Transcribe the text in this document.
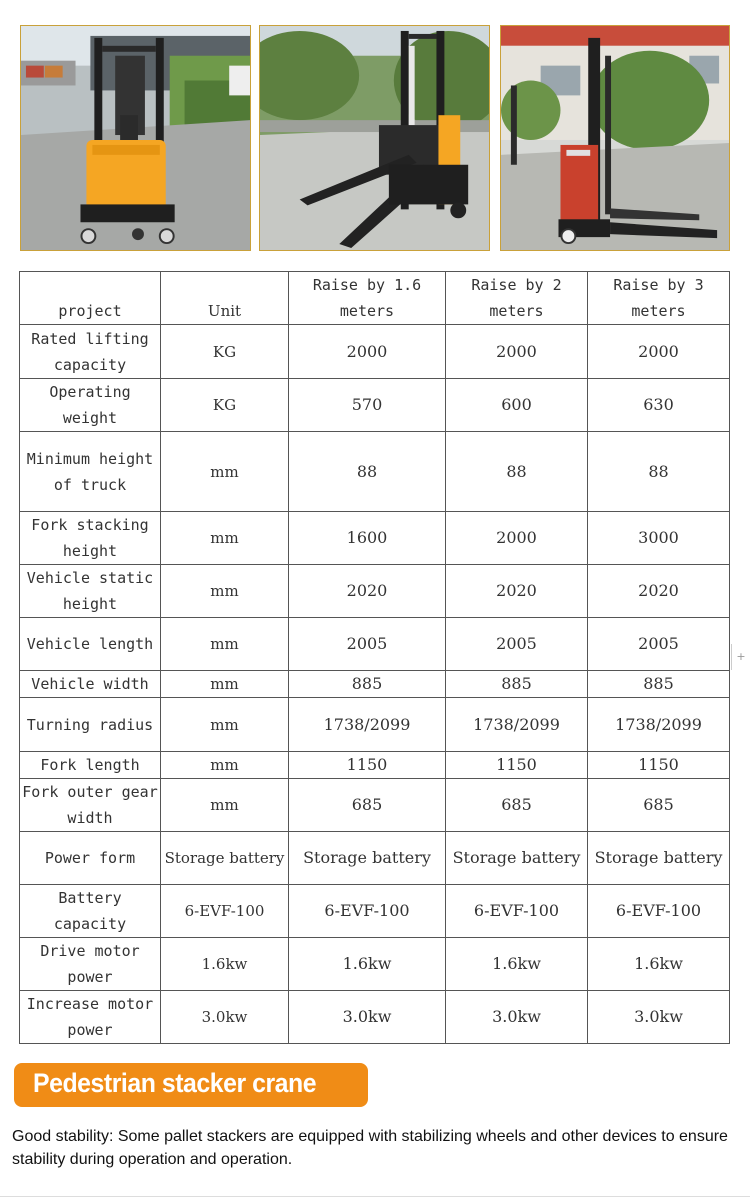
project	Unit	Raise by 1.6 meters	Raise by 2 meters	Raise by 3 meters
Rated lifting capacity	KG	2000	2000	2000
Operating weight	KG	570	600	630
Minimum height of truck	mm	88	88	88
Fork stacking height	mm	1600	2000	3000
Vehicle static height	mm	2020	2020	2020
Vehicle length	mm	2005	2005	2005
Vehicle width	mm	885	885	885
Turning radius	mm	1738/2099	1738/2099	1738/2099
Fork length	mm	1150	1150	1150
Fork outer gear width	mm	685	685	685
Power form	Storage battery	Storage battery	Storage battery	Storage battery
Battery capacity	6-EVF-100	6-EVF-100	6-EVF-100	6-EVF-100
Drive motor power	1.6kw	1.6kw	1.6kw	1.6kw
Increase motor power	3.0kw	3.0kw	3.0kw	3.0kw
Pedestrian stacker crane
Good stability: Some pallet stackers are equipped with stabilizing wheels and other devices to ensure stability during operation and operation.
+
